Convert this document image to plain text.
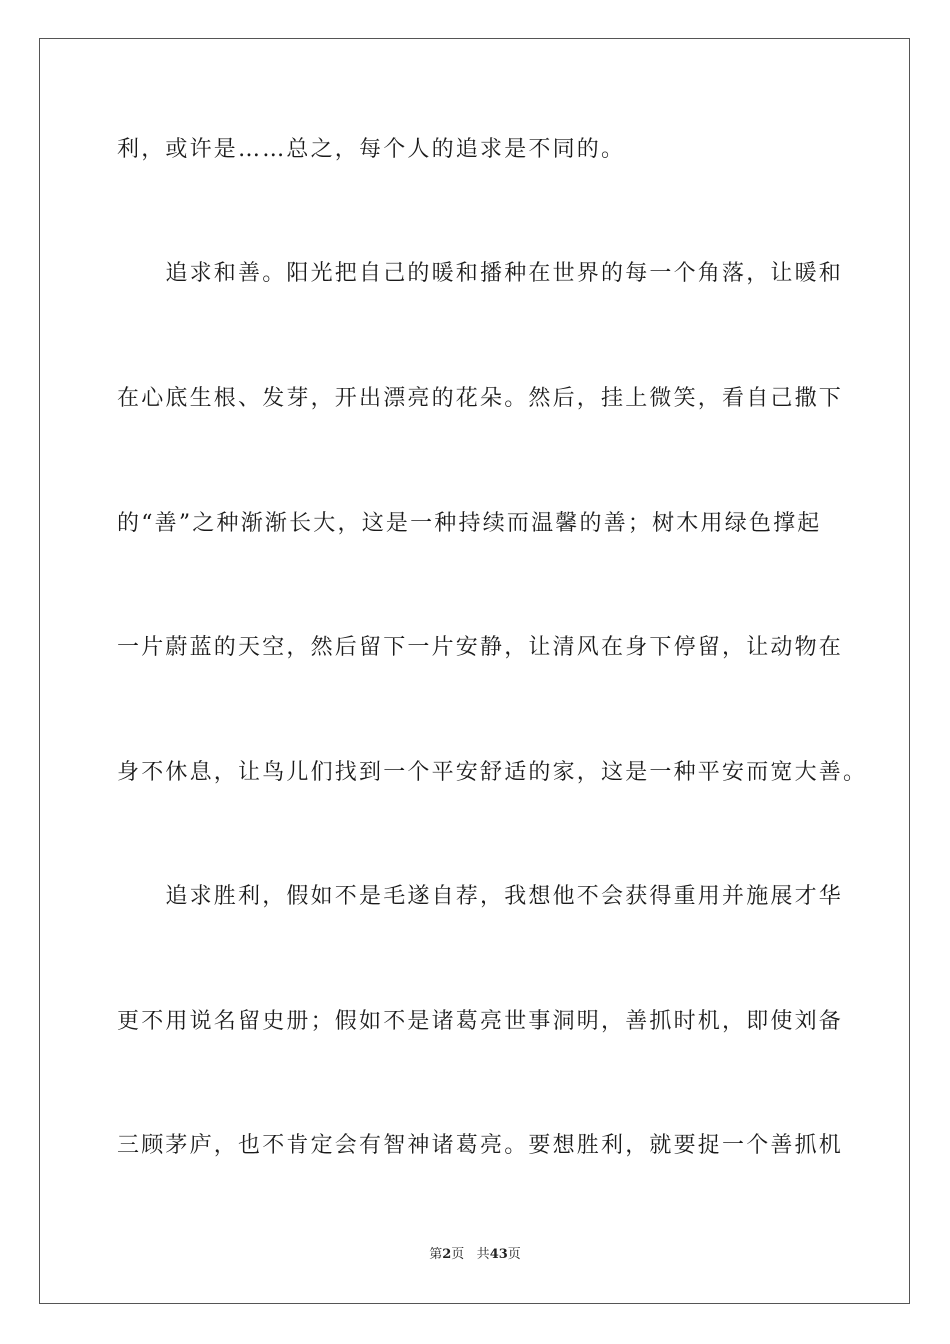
利，或许是……总之，每个人的追求是不同的。
　　追求和善。阳光把自己的暖和播种在世界的每一个角落，让暖和
在心底生根、发芽，开出漂亮的花朵。然后，挂上微笑，看自己撒下
的“善”之种渐渐长大，这是一种持续而温馨的善；树木用绿色撑起
一片蔚蓝的天空，然后留下一片安静，让清风在身下停留，让动物在
身不休息，让鸟儿们找到一个平安舒适的家，这是一种平安而宽大善。
　　追求胜利，假如不是毛遂自荐，我想他不会获得重用并施展才华
更不用说名留史册；假如不是诸葛亮世事洞明，善抓时机，即使刘备
三顾茅庐，也不肯定会有智神诸葛亮。要想胜利，就要捉一个善抓机
第2页 共43页
